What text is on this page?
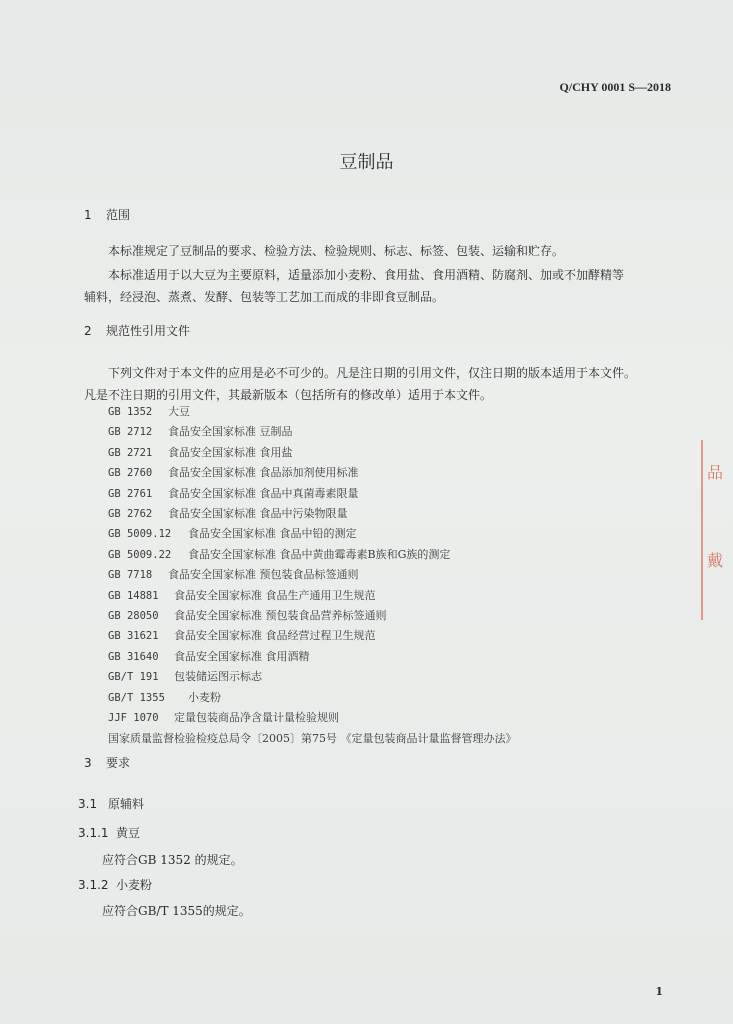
Q/CHY 0001 S—2018
豆制品
1 范围
本标准规定了豆制品的要求、检验方法、检验规则、标志、标签、包装、运输和贮存。
本标准适用于以大豆为主要原料，适量添加小麦粉、食用盐、食用酒精、防腐剂、加或不加酵精等
辅料，经浸泡、蒸煮、发酵、包装等工艺加工而成的非即食豆制品。
2 规范性引用文件
下列文件对于本文件的应用是必不可少的。凡是注日期的引用文件，仅注日期的版本适用于本文件。
凡是不注日期的引用文件，其最新版本（包括所有的修改单）适用于本文件。
GB 1352 大豆
GB 2712 食品安全国家标准 豆制品
GB 2721 食品安全国家标准 食用盐
GB 2760 食品安全国家标准 食品添加剂使用标准
GB 2761 食品安全国家标准 食品中真菌毒素限量
GB 2762 食品安全国家标准 食品中污染物限量
GB 5009.12 食品安全国家标准 食品中铅的测定
GB 5009.22 食品安全国家标准 食品中黄曲霉毒素B族和G族的测定
GB 7718 食品安全国家标准 预包装食品标签通则
GB 14881 食品安全国家标准 食品生产通用卫生规范
GB 28050 食品安全国家标准 预包装食品营养标签通则
GB 31621 食品安全国家标准 食品经营过程卫生规范
GB 31640 食品安全国家标准 食用酒精
GB/T 191 包装储运图示标志
GB/T 1355 小麦粉
JJF 1070 定量包装商品净含量计量检验规则
国家质量监督检验检疫总局令〔2005〕第75号 《定量包装商品计量监督管理办法》
3 要求
3.1 原辅料
3.1.1 黄豆
应符合GB 1352 的规定。
3.1.2 小麦粉
应符合GB/T 1355的规定。
1
品
戴
